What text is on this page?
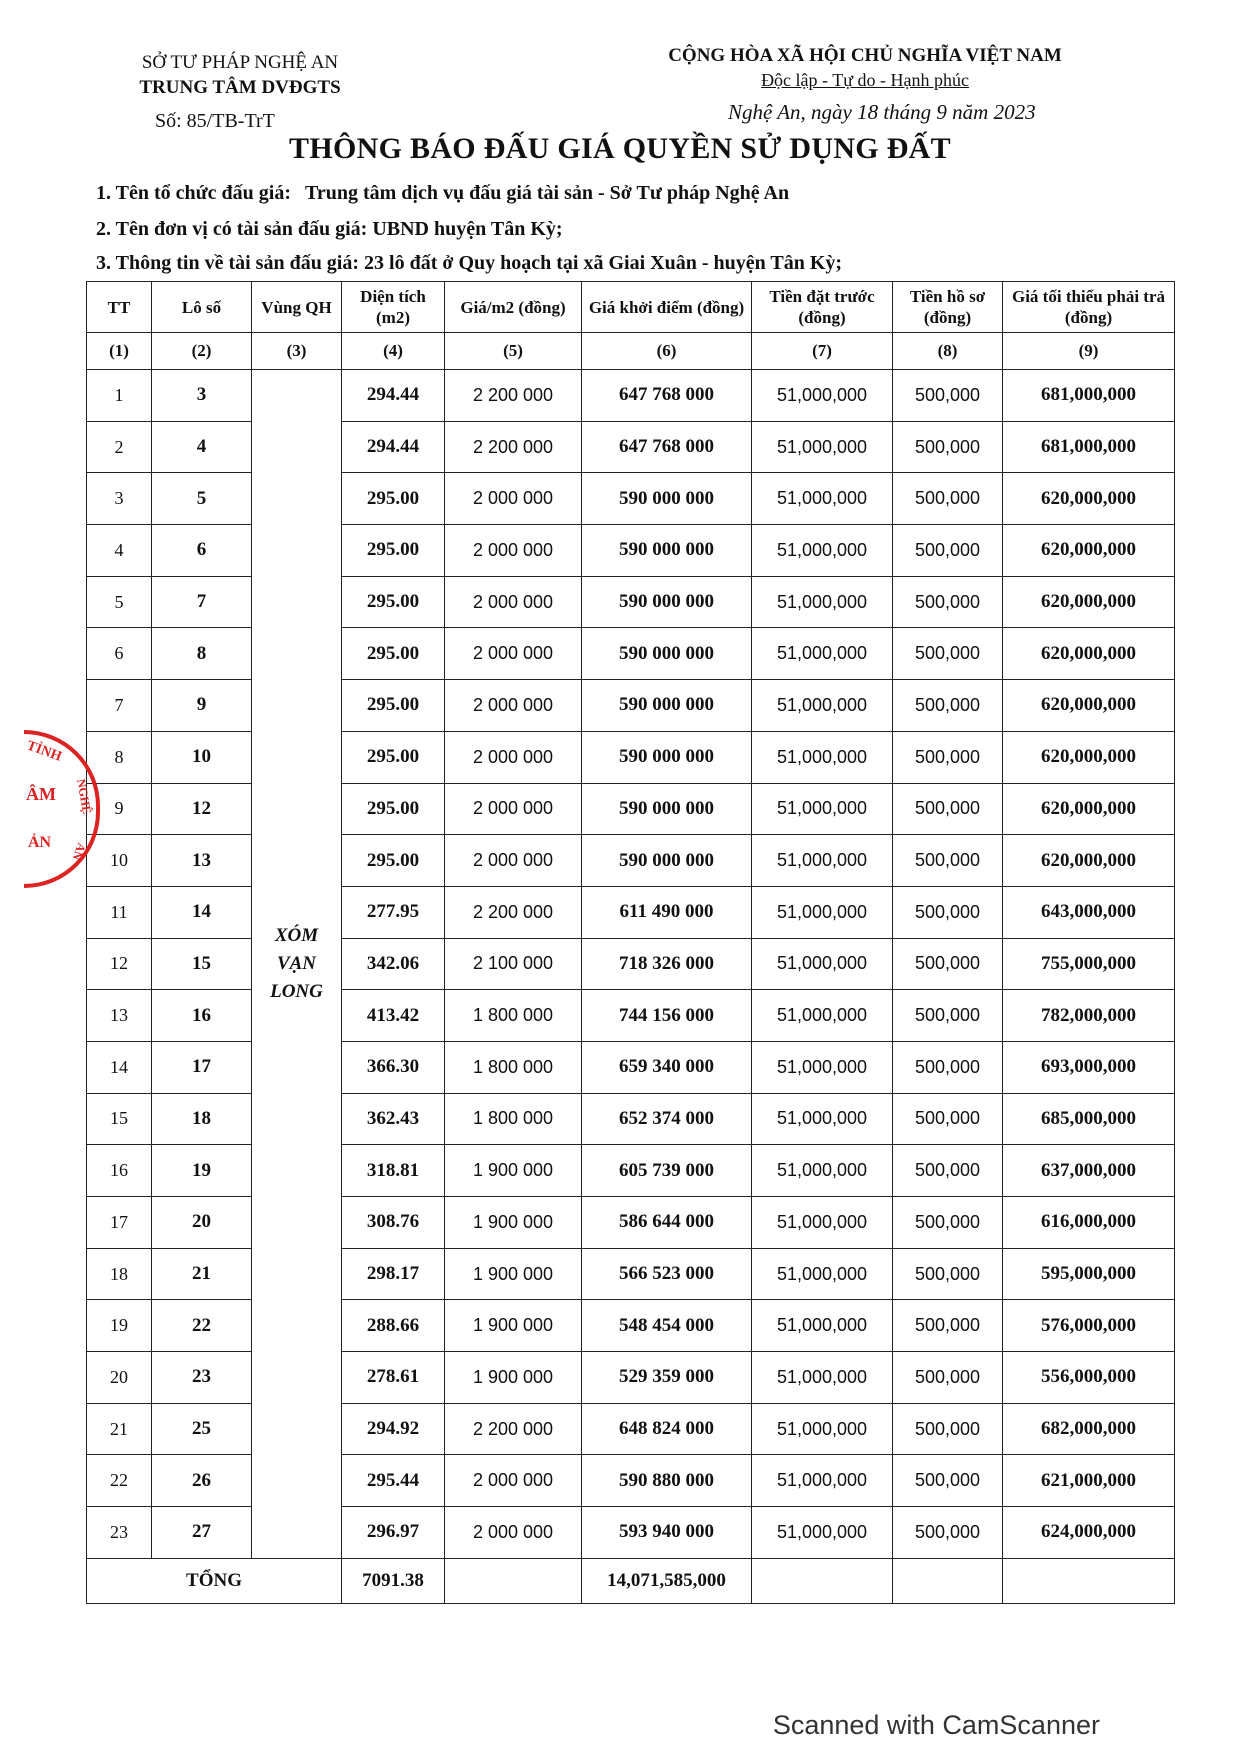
SỞ TƯ PHÁP NGHỆ AN
TRUNG TÂM DVĐGTS
Số: 85/TB-TrT
CỘNG HÒA XÃ HỘI CHỦ NGHĨA VIỆT NAM
Độc lập - Tự do - Hạnh phúc
Nghệ An, ngày 18 tháng 9 năm 2023
THÔNG BÁO ĐẤU GIÁ QUYỀN SỬ DỤNG ĐẤT
1. Tên tổ chức đấu giá: Trung tâm dịch vụ đấu giá tài sản - Sở Tư pháp Nghệ An
2. Tên đơn vị có tài sản đấu giá: UBND huyện Tân Kỳ;
3. Thông tin về tài sản đấu giá: 23 lô đất ở Quy hoạch tại xã Giai Xuân - huyện Tân Kỳ;
TT	Lô số	Vùng QH	Diện tích (m2)	Giá/m2 (đồng)	Giá khởi điểm (đồng)	Tiền đặt trước (đồng)	Tiền hồ sơ (đồng)	Giá tối thiểu phải trả (đồng)
(1)	(2)	(3)	(4)	(5)	(6)	(7)	(8)	(9)
1	3	XÓM
VẠN
LONG	294.44	2 200 000	647 768 000	51,000,000	500,000	681,000,000
2	4		294.44	2 200 000	647 768 000	51,000,000	500,000	681,000,000
3	5		295.00	2 000 000	590 000 000	51,000,000	500,000	620,000,000
4	6		295.00	2 000 000	590 000 000	51,000,000	500,000	620,000,000
5	7		295.00	2 000 000	590 000 000	51,000,000	500,000	620,000,000
6	8		295.00	2 000 000	590 000 000	51,000,000	500,000	620,000,000
7	9		295.00	2 000 000	590 000 000	51,000,000	500,000	620,000,000
8	10		295.00	2 000 000	590 000 000	51,000,000	500,000	620,000,000
9	12		295.00	2 000 000	590 000 000	51,000,000	500,000	620,000,000
10	13		295.00	2 000 000	590 000 000	51,000,000	500,000	620,000,000
11	14		277.95	2 200 000	611 490 000	51,000,000	500,000	643,000,000
12	15		342.06	2 100 000	718 326 000	51,000,000	500,000	755,000,000
13	16		413.42	1 800 000	744 156 000	51,000,000	500,000	782,000,000
14	17		366.30	1 800 000	659 340 000	51,000,000	500,000	693,000,000
15	18		362.43	1 800 000	652 374 000	51,000,000	500,000	685,000,000
16	19		318.81	1 900 000	605 739 000	51,000,000	500,000	637,000,000
17	20		308.76	1 900 000	586 644 000	51,000,000	500,000	616,000,000
18	21		298.17	1 900 000	566 523 000	51,000,000	500,000	595,000,000
19	22		288.66	1 900 000	548 454 000	51,000,000	500,000	576,000,000
20	23		278.61	1 900 000	529 359 000	51,000,000	500,000	556,000,000
21	25		294.92	2 200 000	648 824 000	51,000,000	500,000	682,000,000
22	26		295.44	2 000 000	590 880 000	51,000,000	500,000	621,000,000
23	27		296.97	2 000 000	593 940 000	51,000,000	500,000	624,000,000
TỔNG			7091.38		14,071,585,000			
TỈNH
ÂM
ẢN
NGHỆ
AN
Scanned with CamScanner
